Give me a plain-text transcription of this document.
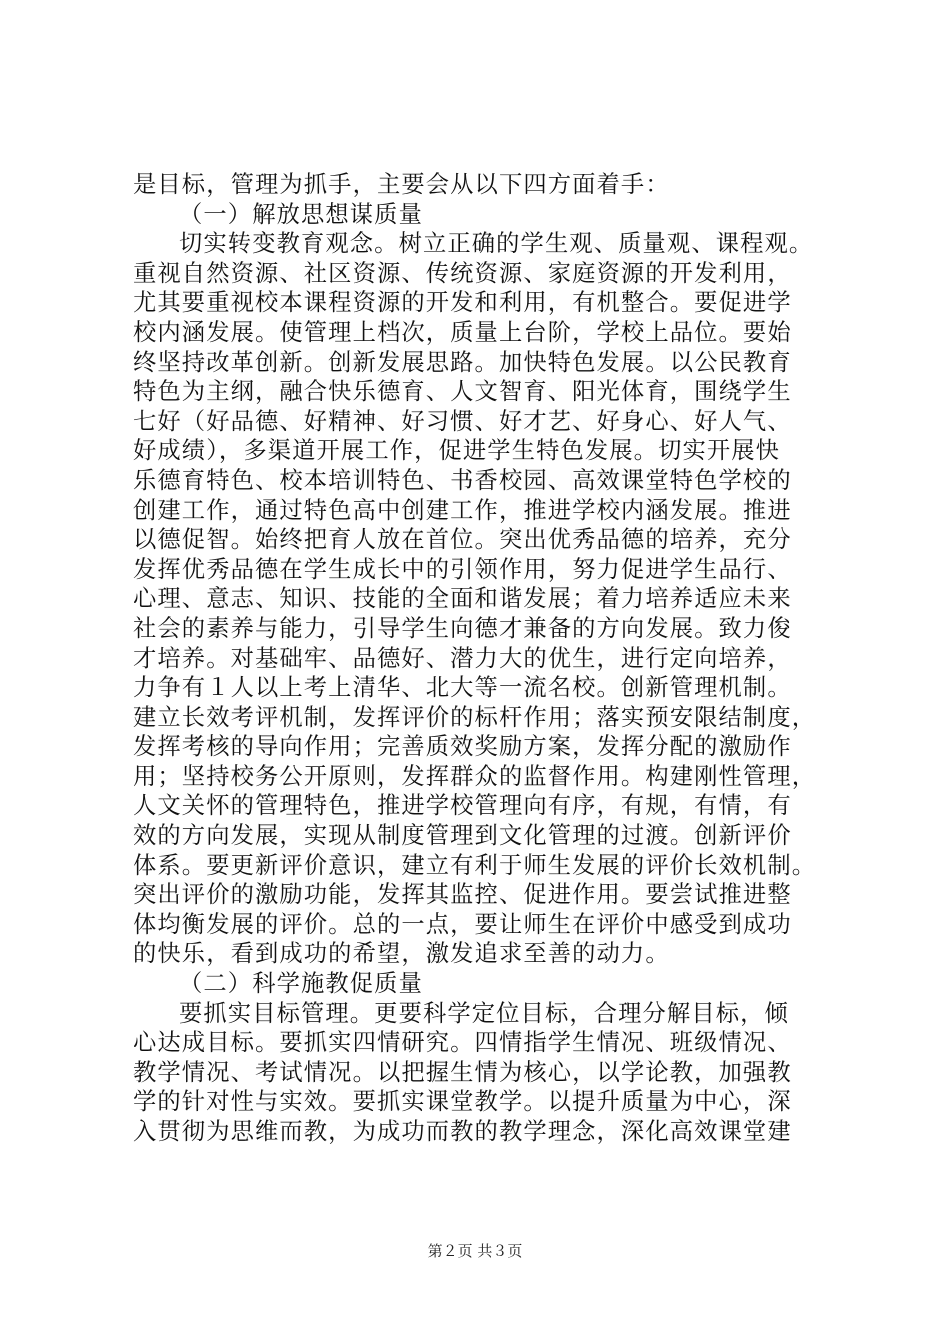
是目标，管理为抓手，主要会从以下四方面着手：
（一）解放思想谋质量
切实转变教育观念。树立正确的学生观、质量观、课程观。
重视自然资源、社区资源、传统资源、家庭资源的开发利用，
尤其要重视校本课程资源的开发和利用，有机整合。要促进学
校内涵发展。使管理上档次，质量上台阶，学校上品位。要始
终坚持改革创新。创新发展思路。加快特色发展。以公民教育
特色为主纲，融合快乐德育、人文智育、阳光体育，围绕学生
七好（好品德、好精神、好习惯、好才艺、好身心、好人气、
好成绩），多渠道开展工作，促进学生特色发展。切实开展快
乐德育特色、校本培训特色、书香校园、高效课堂特色学校的
创建工作，通过特色高中创建工作，推进学校内涵发展。推进
以德促智。始终把育人放在首位。突出优秀品德的培养，充分
发挥优秀品德在学生成长中的引领作用，努力促进学生品行、
心理、意志、知识、技能的全面和谐发展；着力培养适应未来
社会的素养与能力，引导学生向德才兼备的方向发展。致力俊
才培养。对基础牢、品德好、潜力大的优生，进行定向培养，
力争有１人以上考上清华、北大等一流名校。创新管理机制。
建立长效考评机制，发挥评价的标杆作用；落实预安限结制度，
发挥考核的导向作用；完善质效奖励方案，发挥分配的激励作
用；坚持校务公开原则，发挥群众的监督作用。构建刚性管理，
人文关怀的管理特色，推进学校管理向有序，有规，有情，有
效的方向发展，实现从制度管理到文化管理的过渡。创新评价
体系。要更新评价意识，建立有利于师生发展的评价长效机制。
突出评价的激励功能，发挥其监控、促进作用。要尝试推进整
体均衡发展的评价。总的一点，要让师生在评价中感受到成功
的快乐，看到成功的希望，激发追求至善的动力。
（二）科学施教促质量
要抓实目标管理。更要科学定位目标，合理分解目标，倾
心达成目标。要抓实四情研究。四情指学生情况、班级情况、
教学情况、考试情况。以把握生情为核心，以学论教，加强教
学的针对性与实效。要抓实课堂教学。以提升质量为中心，深
入贯彻为思维而教，为成功而教的教学理念，深化高效课堂建
第２页 共３页
